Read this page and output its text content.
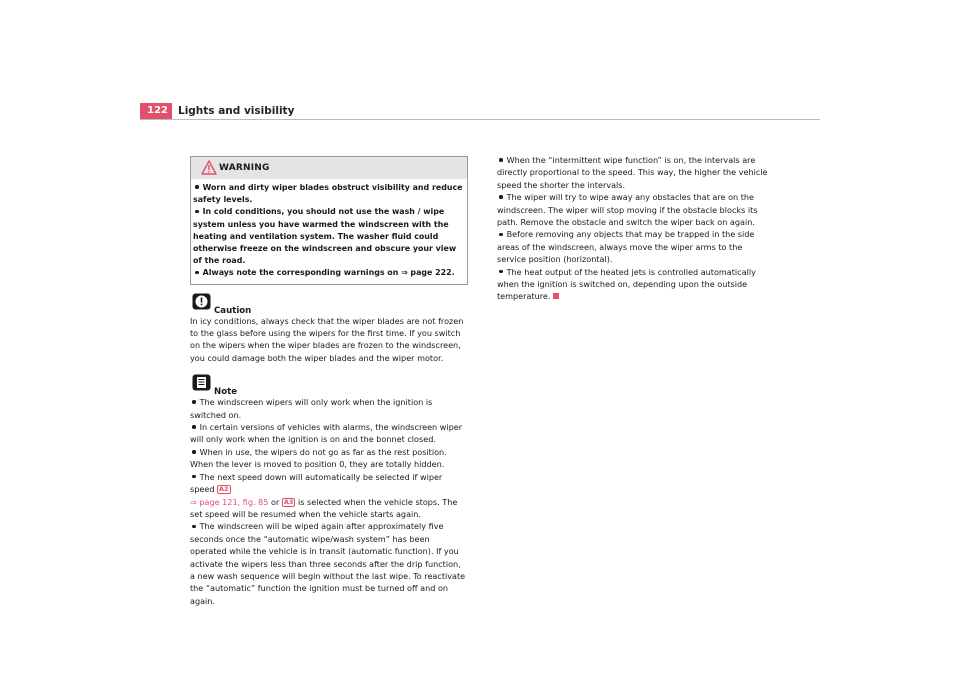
122 Lights and visibility
WARNING
Worn and dirty wiper blades obstruct visibility and reduce safety levels.
In cold conditions, you should not use the wash / wipe system unless you have warmed the windscreen with the heating and ventilation system. The washer fluid could otherwise freeze on the windscreen and obscure your view of the road.
Always note the corresponding warnings on ⇒ page 222.
Caution

In icy conditions, always check that the wiper blades are not frozen to the glass before using the wipers for the first time. If you switch on the wipers when the wiper blades are frozen to the windscreen, you could damage both the wiper blades and the wiper motor.

Note
The windscreen wipers will only work when the ignition is switched on.
In certain versions of vehicles with alarms, the windscreen wiper will only work when the ignition is on and the bonnet closed.
When in use, the wipers do not go as far as the rest position. When the lever is moved to position 0, they are totally hidden.
The next speed down will automatically be selected if wiper speed A2
⇒ page 121, fig. 85 or A3 is selected when the vehicle stops. The set speed will be resumed when the vehicle starts again.
The windscreen will be wiped again after approximately five seconds once the “automatic wipe/wash system” has been operated while the vehicle is in transit (automatic function). If you activate the wipers less than three seconds after the drip function, a new wash sequence will begin without the last wipe. To reactivate the “automatic” function the ignition must be turned off and on again.
When the “intermittent wipe function” is on, the intervals are directly proportional to the speed. This way, the higher the vehicle speed the shorter the intervals.
The wiper will try to wipe away any obstacles that are on the windscreen. The wiper will stop moving if the obstacle blocks its path. Remove the obstacle and switch the wiper back on again.
Before removing any objects that may be trapped in the side areas of the windscreen, always move the wiper arms to the service position (horizontal).
The heat output of the heated jets is controlled automatically when the ignition is switched on, depending upon the outside temperature.
